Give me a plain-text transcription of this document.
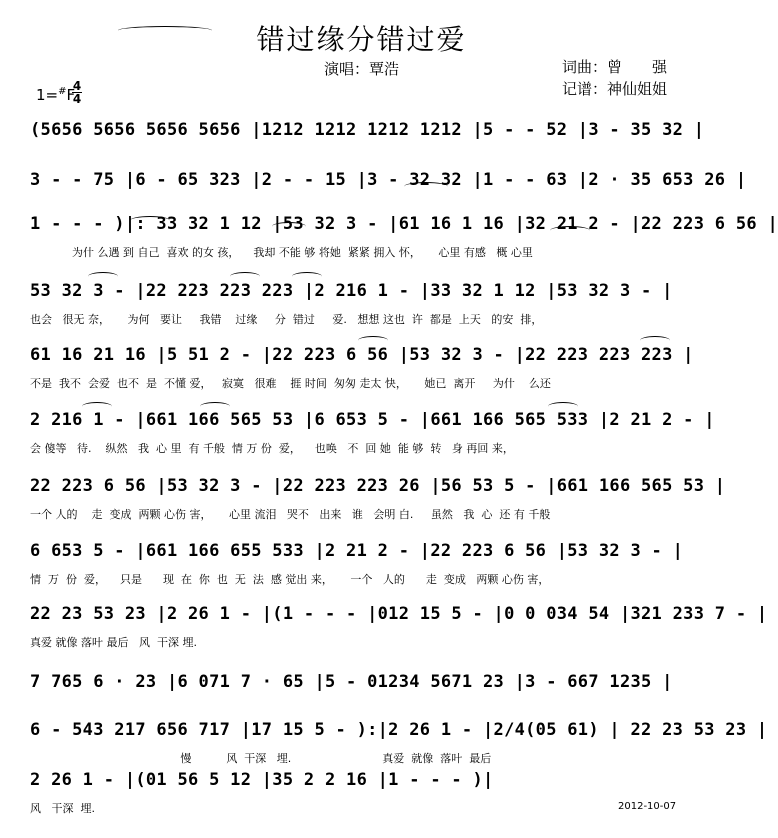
错过缘分错过爱
演唱：覃浩	词曲：曾　　强
记谱：神仙姐姐
1=#F
4
4
(5656 5656 5656 5656 |1212 1212 1212 1212 |5 - - 52 |3 - 35 32 |
3 - - 75 |6 - 65 323 |2 - - 15 |3 - 32 32 |1 - - 63 |2 · 35 653 26 |
1 - - - )|: 33 32 1 12 |53 32 3 - |61 16 1 16 |32 21 2 - |22 223 6 56 |
为什 么遇 到 自己  喜欢 的女 孩，    我却 不能 够 将她  紧紧 拥入 怀，     心里 有感   概 心里
53 32 3 - |22 223 223 223 |2 216 1 - |33 32 1 12 |53 32 3 - |
也会   很无 奈，     为何   要让     我错    过缘     分  错过     爱.   想想 这也  许  都是  上天   的安  排，
61 16 21 16 |5 51 2 - |22 223 6 56 |53 32 3 - |22 223 223 223 |
不是  我不  会爱  也不  是  不懂 爱，   寂寞   很难    捱 时间  匆匆 走太 快，     她已  离开     为什    么还
2 216 1 - |661 166 565 53 |6 653 5 - |661 166 565 533 |2 21 2 - |
会 傻等   待.    纵然   我  心 里  有 千般  情 万 份  爱，    也唤   不  回 她  能 够  转   身 再回 来，
22 223 6 56 |53 32 3 - |22 223 223 26 |56 53 5 - |661 166 565 53 |
一个 人的    走  变成  两颗 心伤 害，     心里 流泪   哭不   出来   谁   会明 白.     虽然   我  心  还 有 千般
6 653 5 - |661 166 655 533 |2 21 2 - |22 223 6 56 |53 32 3 - |
情  万  份  爱，    只是      现  在  你  也  无  法  感 觉出 来，     一个   人的      走  变成   两颗 心伤 害，
22 23 53 23 |2 26 1 - |(1 - - - |012 15 5 - |0 0 034 54 |321 233 7 - |
真爱 就像 落叶 最后   风  干深 埋.
7 765 6 · 23 |6 071 7 · 65 |5 - 01234 5671 23 |3 - 667 1235 |
6 - 543 217 656 717 |17 15 5 - ):|2 26 1 - |2/4(05 61) | 22 23 53 23 |
慢          风  干深   埋.                          真爱  就像  落叶  最后
2 26 1 - |(01 56 5 12 |35 2 2 16 |1 - - - )|
风   干深  埋.	2012-10-07
